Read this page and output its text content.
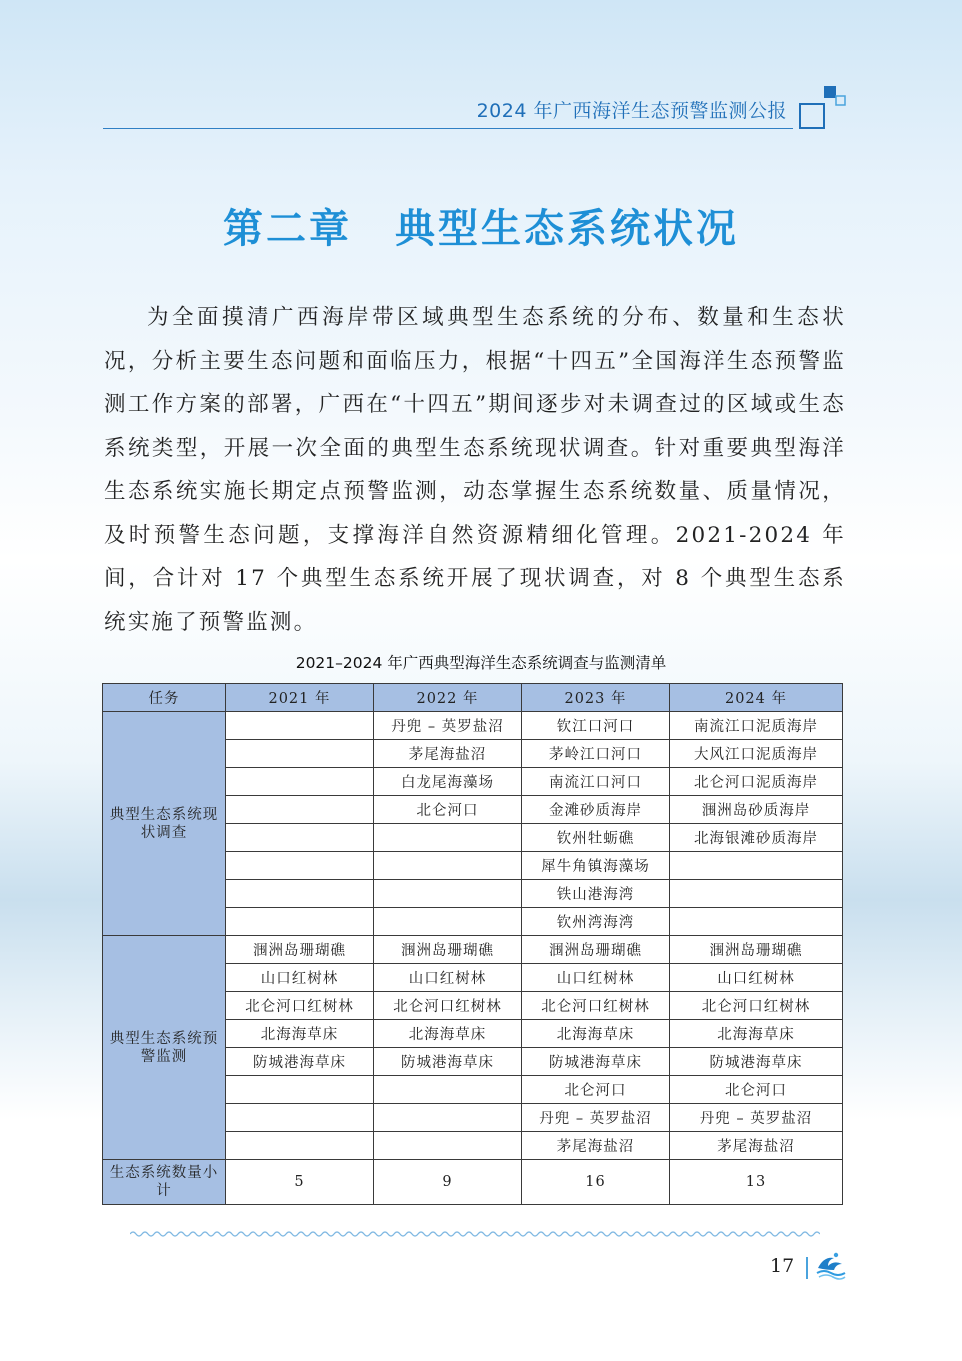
2024 年广西海洋生态预警监测公报
第二章　典型生态系统状况

为全面摸清广西海岸带区域典型生态系统的分布、数量和生态状况，分析主要生态问题和面临压力，根据“十四五”全国海洋生态预警监测工作方案的部署，广西在“十四五”期间逐步对未调查过的区域或生态系统类型，开展一次全面的典型生态系统现状调查。针对重要典型海洋生态系统实施长期定点预警监测，动态掌握生态系统数量、质量情况，及时预警生态问题，支撑海洋自然资源精细化管理。2021-2024 年间，合计对 17 个典型生态系统开展了现状调查，对 8 个典型生态系统实施了预警监测。

2021–2024 年广西典型海洋生态系统调查与监测清单
任务	2021 年	2022 年	2023 年	2024 年
典型生态系统现状调查		丹兜 – 英罗盐沼	钦江口河口	南流江口泥质海岸
		茅尾海盐沼	茅岭江口河口	大风江口泥质海岸
		白龙尾海藻场	南流江口河口	北仑河口泥质海岸
		北仑河口	金滩砂质海岸	涠洲岛砂质海岸
			钦州牡蛎礁	北海银滩砂质海岸
			犀牛角镇海藻场	
			铁山港海湾	
			钦州湾海湾	
典型生态系统预警监测	涠洲岛珊瑚礁	涠洲岛珊瑚礁	涠洲岛珊瑚礁	涠洲岛珊瑚礁
	山口红树林	山口红树林	山口红树林	山口红树林
	北仑河口红树林	北仑河口红树林	北仑河口红树林	北仑河口红树林
	北海海草床	北海海草床	北海海草床	北海海草床
	防城港海草床	防城港海草床	防城港海草床	防城港海草床
			北仑河口	北仑河口
			丹兜 – 英罗盐沼	丹兜 – 英罗盐沼
			茅尾海盐沼	茅尾海盐沼
生态系统数量小计	5	9	16	13
17
